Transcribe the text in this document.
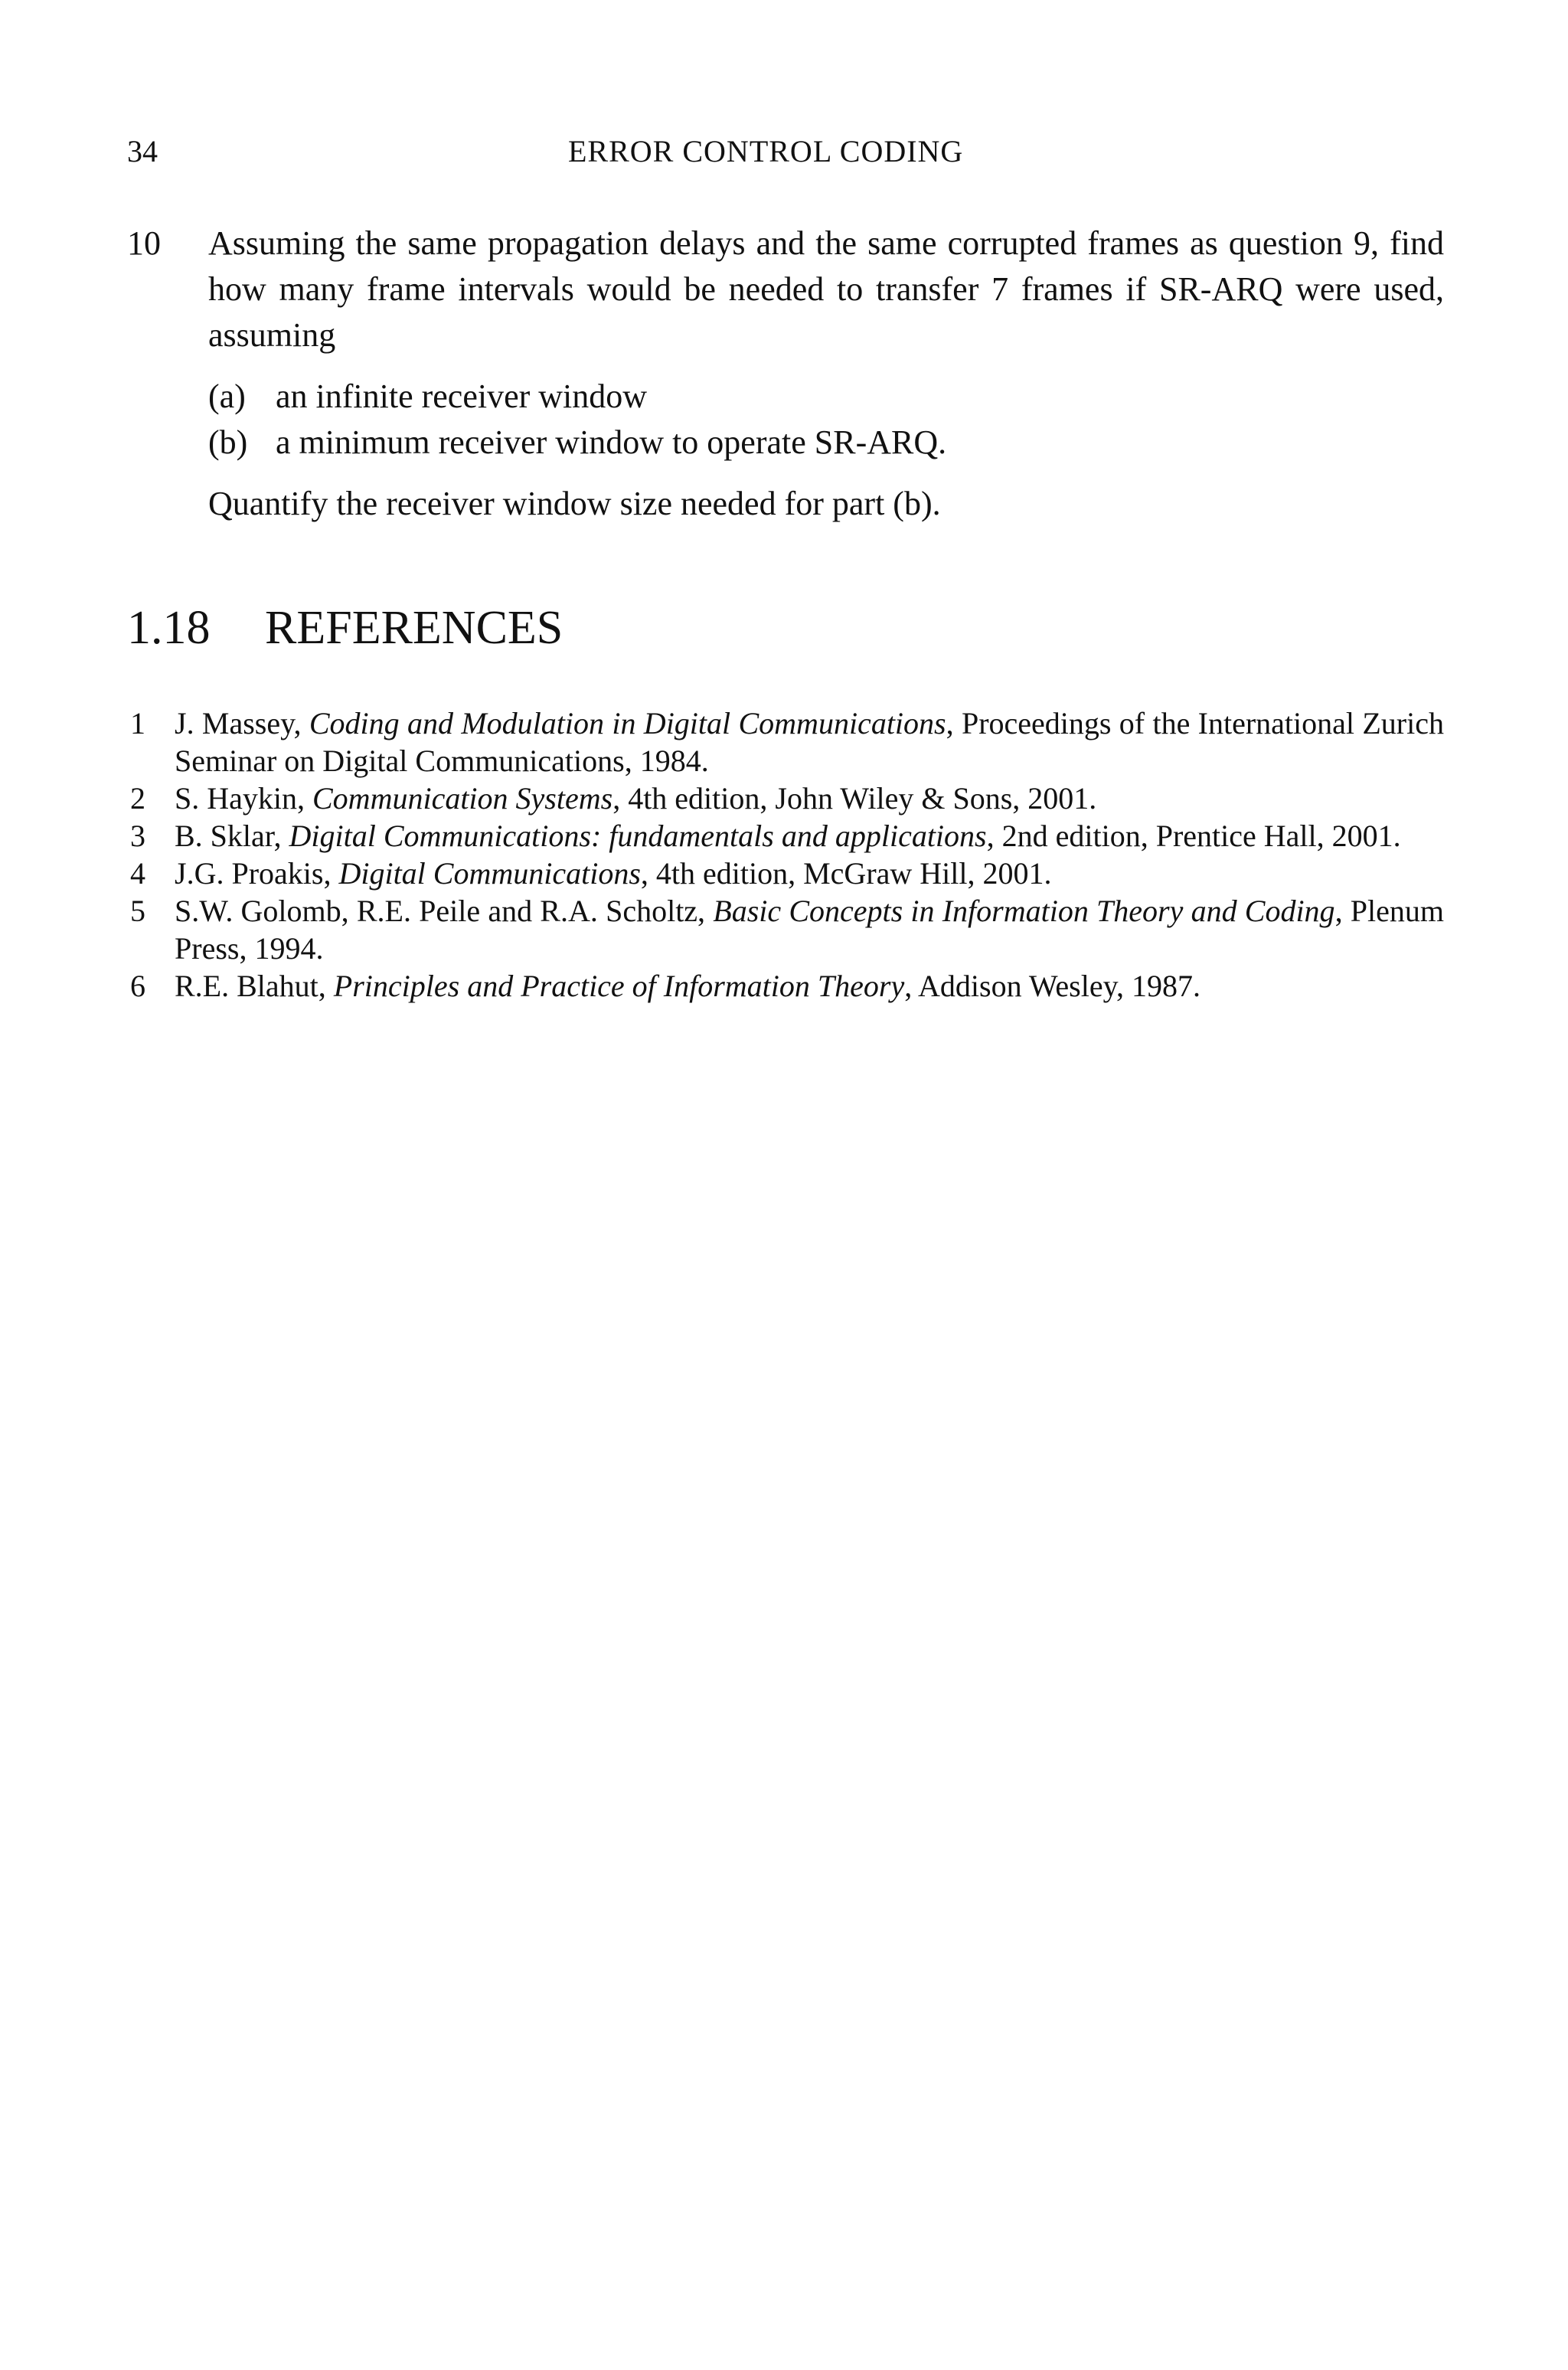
34	ERROR CONTROL CODING
10 Assuming the same propagation delays and the same corrupted frames as question 9, find how many frame intervals would be needed to transfer 7 frames if SR-ARQ were used, assuming
(a) an infinite receiver window
(b) a minimum receiver window to operate SR-ARQ.
Quantify the receiver window size needed for part (b).
1.18 REFERENCES
1 J. Massey, Coding and Modulation in Digital Communications, Proceedings of the International Zurich Seminar on Digital Communications, 1984.
2 S. Haykin, Communication Systems, 4th edition, John Wiley & Sons, 2001.
3 B. Sklar, Digital Communications: fundamentals and applications, 2nd edition, Prentice Hall, 2001.
4 J.G. Proakis, Digital Communications, 4th edition, McGraw Hill, 2001.
5 S.W. Golomb, R.E. Peile and R.A. Scholtz, Basic Concepts in Information Theory and Coding, Plenum Press, 1994.
6 R.E. Blahut, Principles and Practice of Information Theory, Addison Wesley, 1987.
